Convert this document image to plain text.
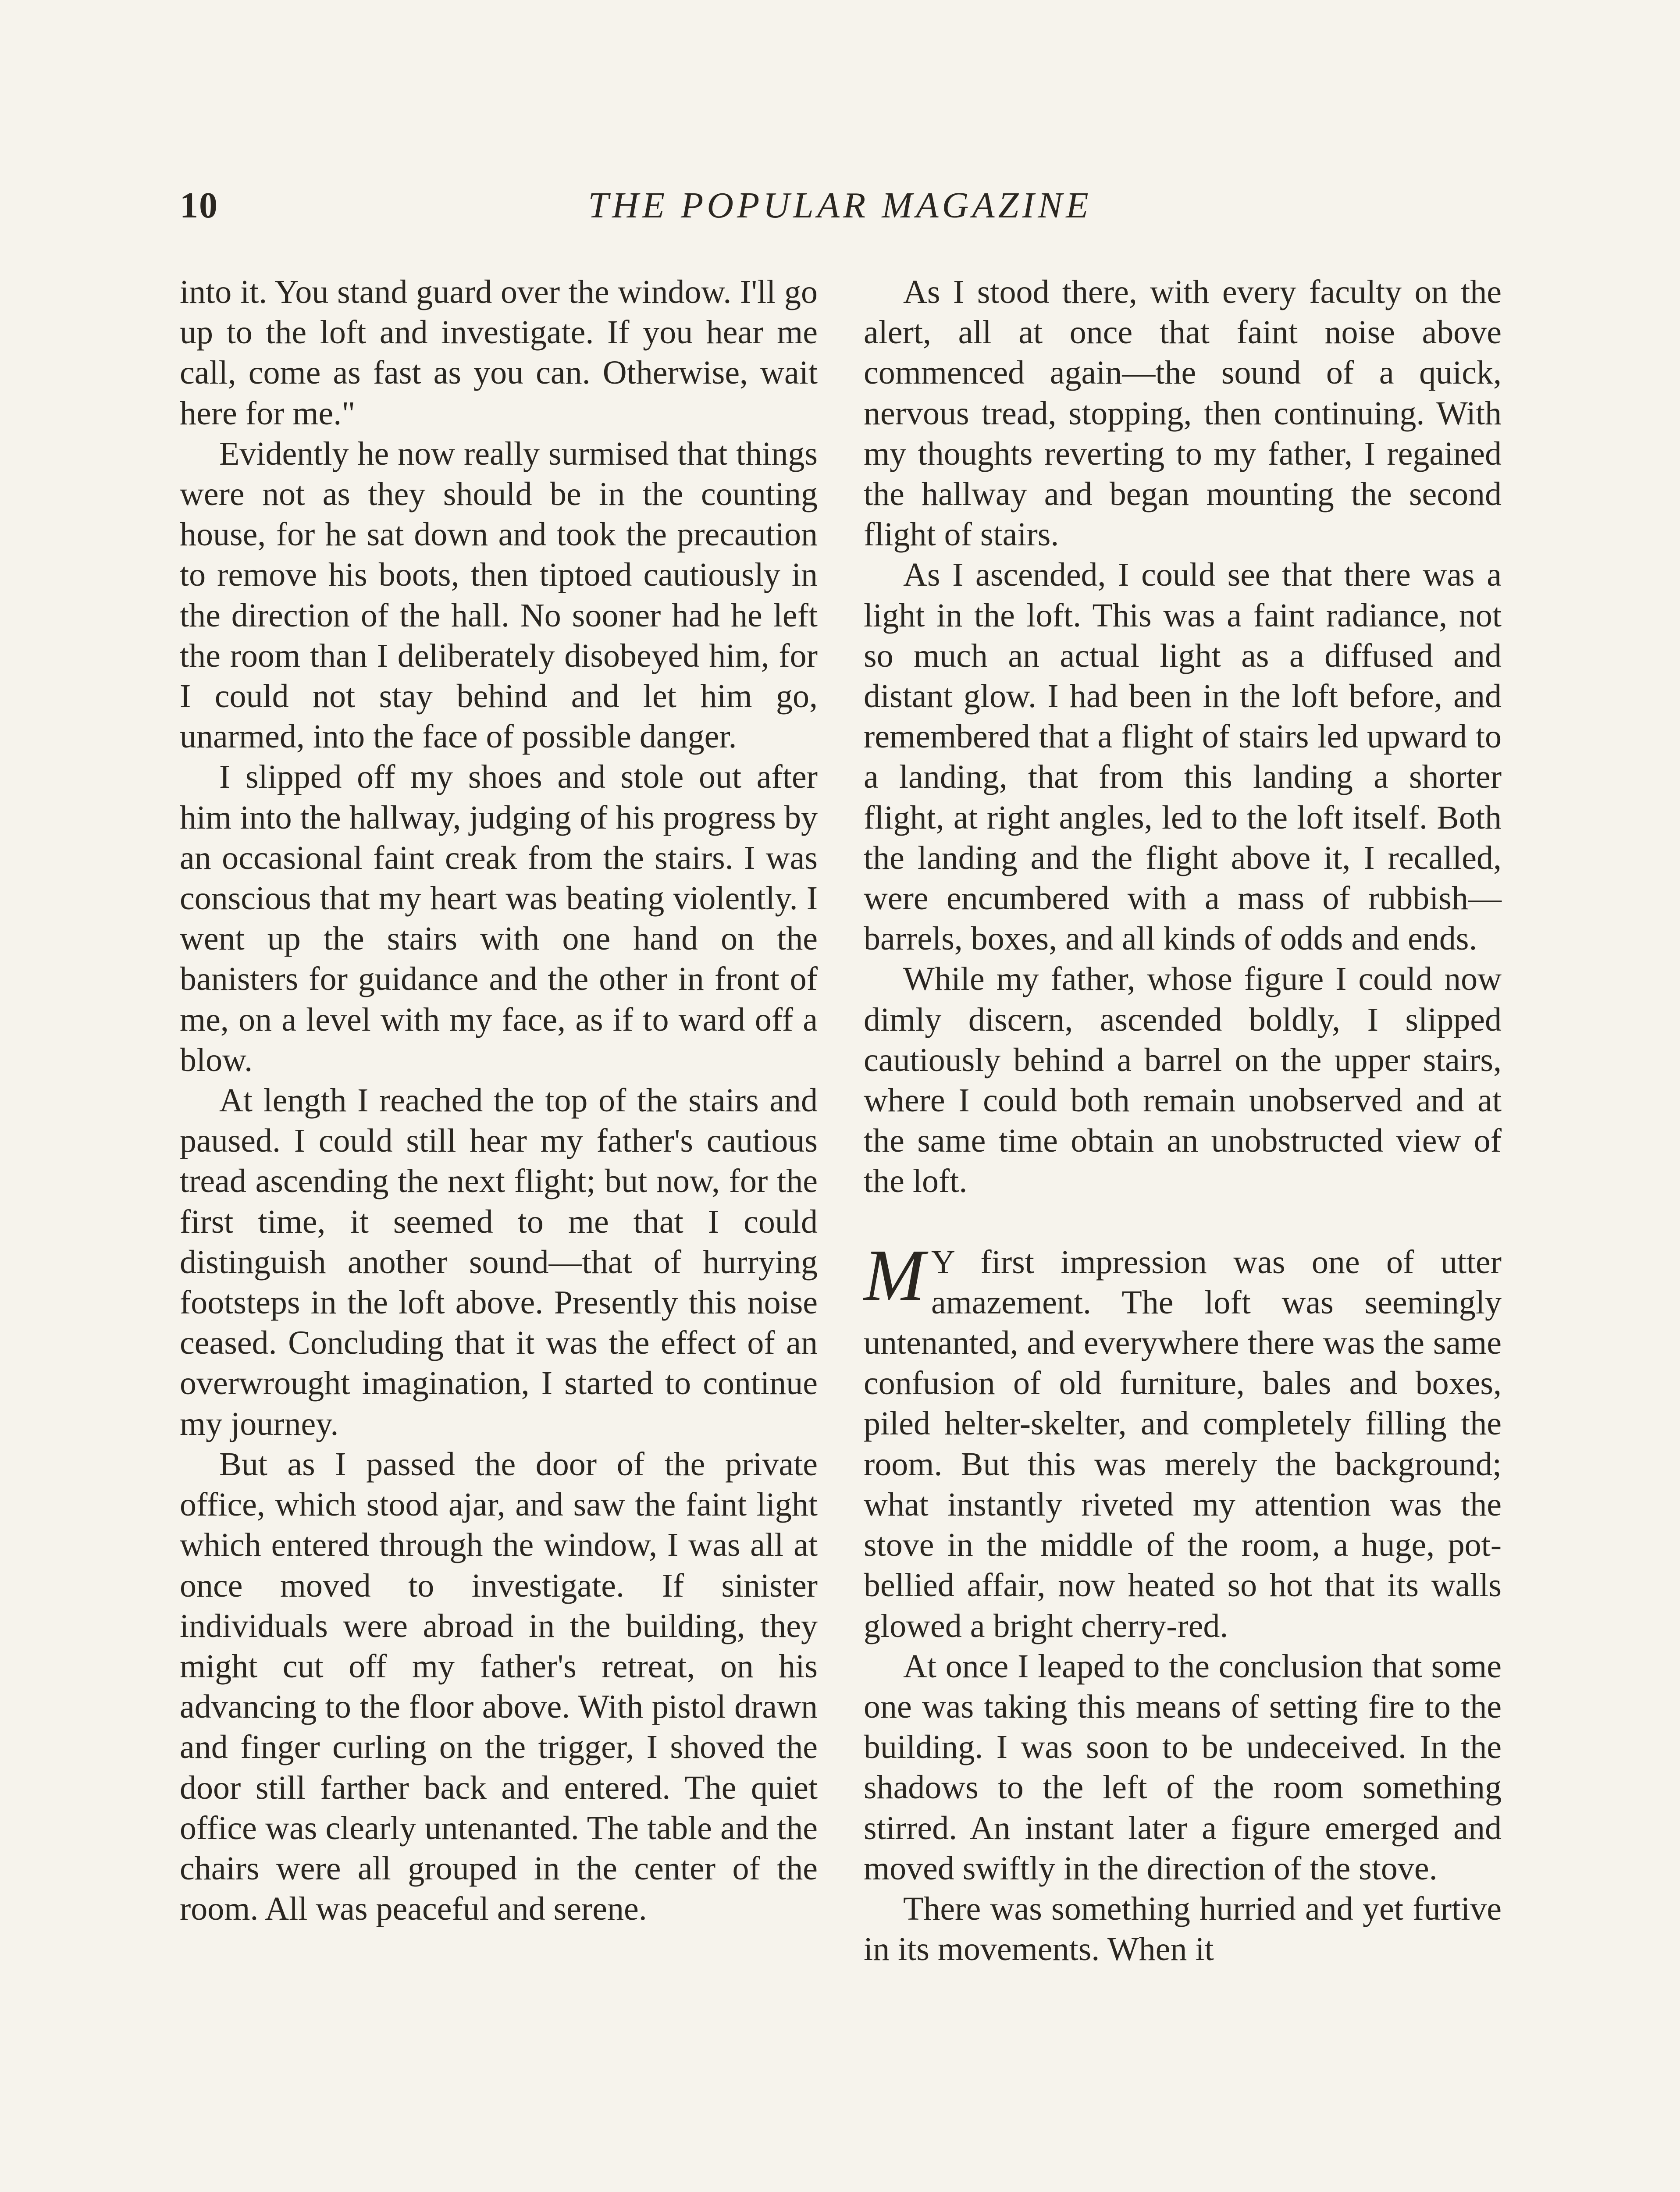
10	THE POPULAR MAGAZINE

into it. You stand guard over the window. I'll go up to the loft and investigate. If you hear me call, come as fast as you can. Otherwise, wait here for me."

Evidently he now really surmised that things were not as they should be in the counting house, for he sat down and took the precaution to remove his boots, then tiptoed cautiously in the direction of the hall. No sooner had he left the room than I deliberately disobeyed him, for I could not stay behind and let him go, unarmed, into the face of possible danger.

I slipped off my shoes and stole out after him into the hallway, judging of his progress by an occasional faint creak from the stairs. I was conscious that my heart was beating violently. I went up the stairs with one hand on the banisters for guidance and the other in front of me, on a level with my face, as if to ward off a blow.

At length I reached the top of the stairs and paused. I could still hear my father's cautious tread ascending the next flight; but now, for the first time, it seemed to me that I could distinguish another sound—that of hurrying footsteps in the loft above. Presently this noise ceased. Concluding that it was the effect of an overwrought imagination, I started to continue my journey.

But as I passed the door of the private office, which stood ajar, and saw the faint light which entered through the window, I was all at once moved to investigate. If sinister individuals were abroad in the building, they might cut off my father's retreat, on his advancing to the floor above. With pistol drawn and finger curling on the trigger, I shoved the door still farther back and entered. The quiet office was clearly untenanted. The table and the chairs were all grouped in the center of the room. All was peaceful and serene.

As I stood there, with every faculty on the alert, all at once that faint noise above commenced again—the sound of a quick, nervous tread, stopping, then continuing. With my thoughts reverting to my father, I regained the hallway and began mounting the second flight of stairs.

As I ascended, I could see that there was a light in the loft. This was a faint radiance, not so much an actual light as a diffused and distant glow. I had been in the loft before, and remembered that a flight of stairs led upward to a landing, that from this landing a shorter flight, at right angles, led to the loft itself. Both the landing and the flight above it, I recalled, were encumbered with a mass of rubbish—barrels, boxes, and all kinds of odds and ends.

While my father, whose figure I could now dimly discern, ascended boldly, I slipped cautiously behind a barrel on the upper stairs, where I could both remain unobserved and at the same time obtain an unobstructed view of the loft.

M Y first impression was one of utter amazement. The loft was seemingly untenanted, and everywhere there was the same confusion of old furniture, bales and boxes, piled helter-skelter, and completely filling the room. But this was merely the background; what instantly riveted my attention was the stove in the middle of the room, a huge, pot-bellied affair, now heated so hot that its walls glowed a bright cherry-red.

At once I leaped to the conclusion that some one was taking this means of setting fire to the building. I was soon to be undeceived. In the shadows to the left of the room something stirred. An instant later a figure emerged and moved swiftly in the direction of the stove.

There was something hurried and yet furtive in its movements. When it
